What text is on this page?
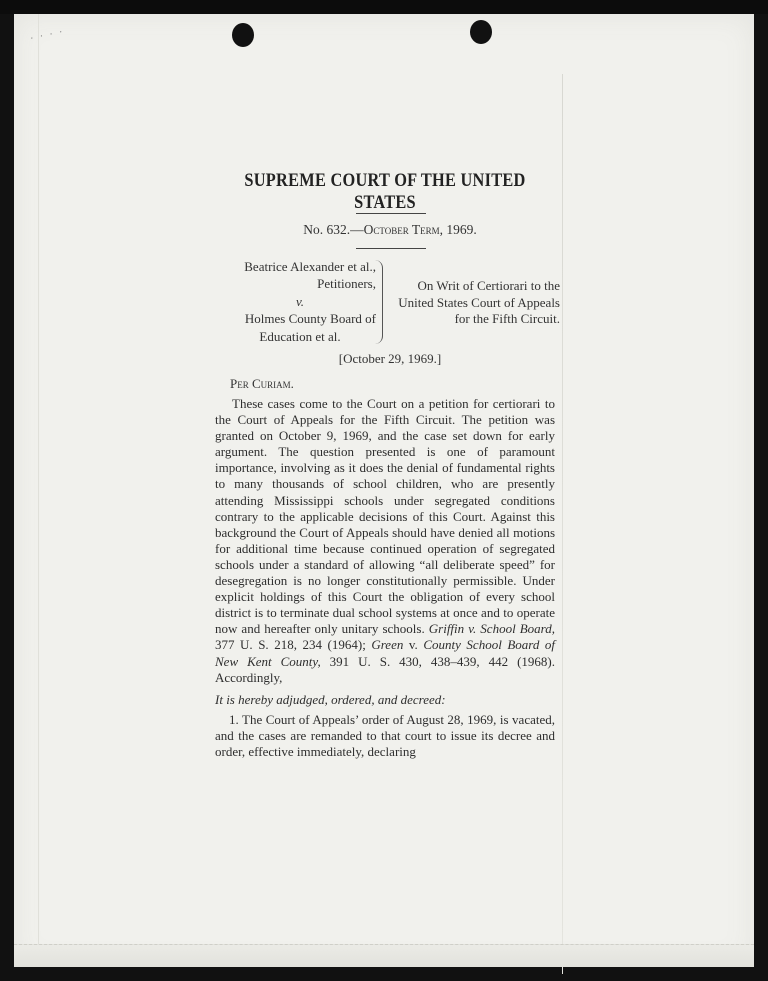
· · · ·
SUPREME COURT OF THE UNITED STATES
No. 632.—October Term, 1969.
Beatrice Alexander et al.,
Petitioners,
v.
Holmes County Board of
Education et al.
On Writ of Certiorari to the United States Court of Appeals for the Fifth Circuit.
[October 29, 1969.]
Per Curiam.

These cases come to the Court on a petition for certiorari to the Court of Appeals for the Fifth Circuit. The petition was granted on October 9, 1969, and the case set down for early argument. The question presented is one of paramount importance, involving as it does the denial of fundamental rights to many thousands of school children, who are presently attending Mississippi schools under segregated conditions contrary to the applicable decisions of this Court. Against this background the Court of Appeals should have denied all motions for additional time because continued operation of segregated schools under a standard of allowing “all deliberate speed” for desegregation is no longer constitutionally permissible. Under explicit holdings of this Court the obligation of every school district is to terminate dual school systems at once and to operate now and hereafter only unitary schools. Griffin v. School Board, 377 U. S. 218, 234 (1964); Green v. County School Board of New Kent County, 391 U. S. 430, 438–439, 442 (1968). Accordingly,

It is hereby adjudged, ordered, and decreed:

1. The Court of Appeals’ order of August 28, 1969, is vacated, and the cases are remanded to that court to issue its decree and order, effective immediately, declaring
